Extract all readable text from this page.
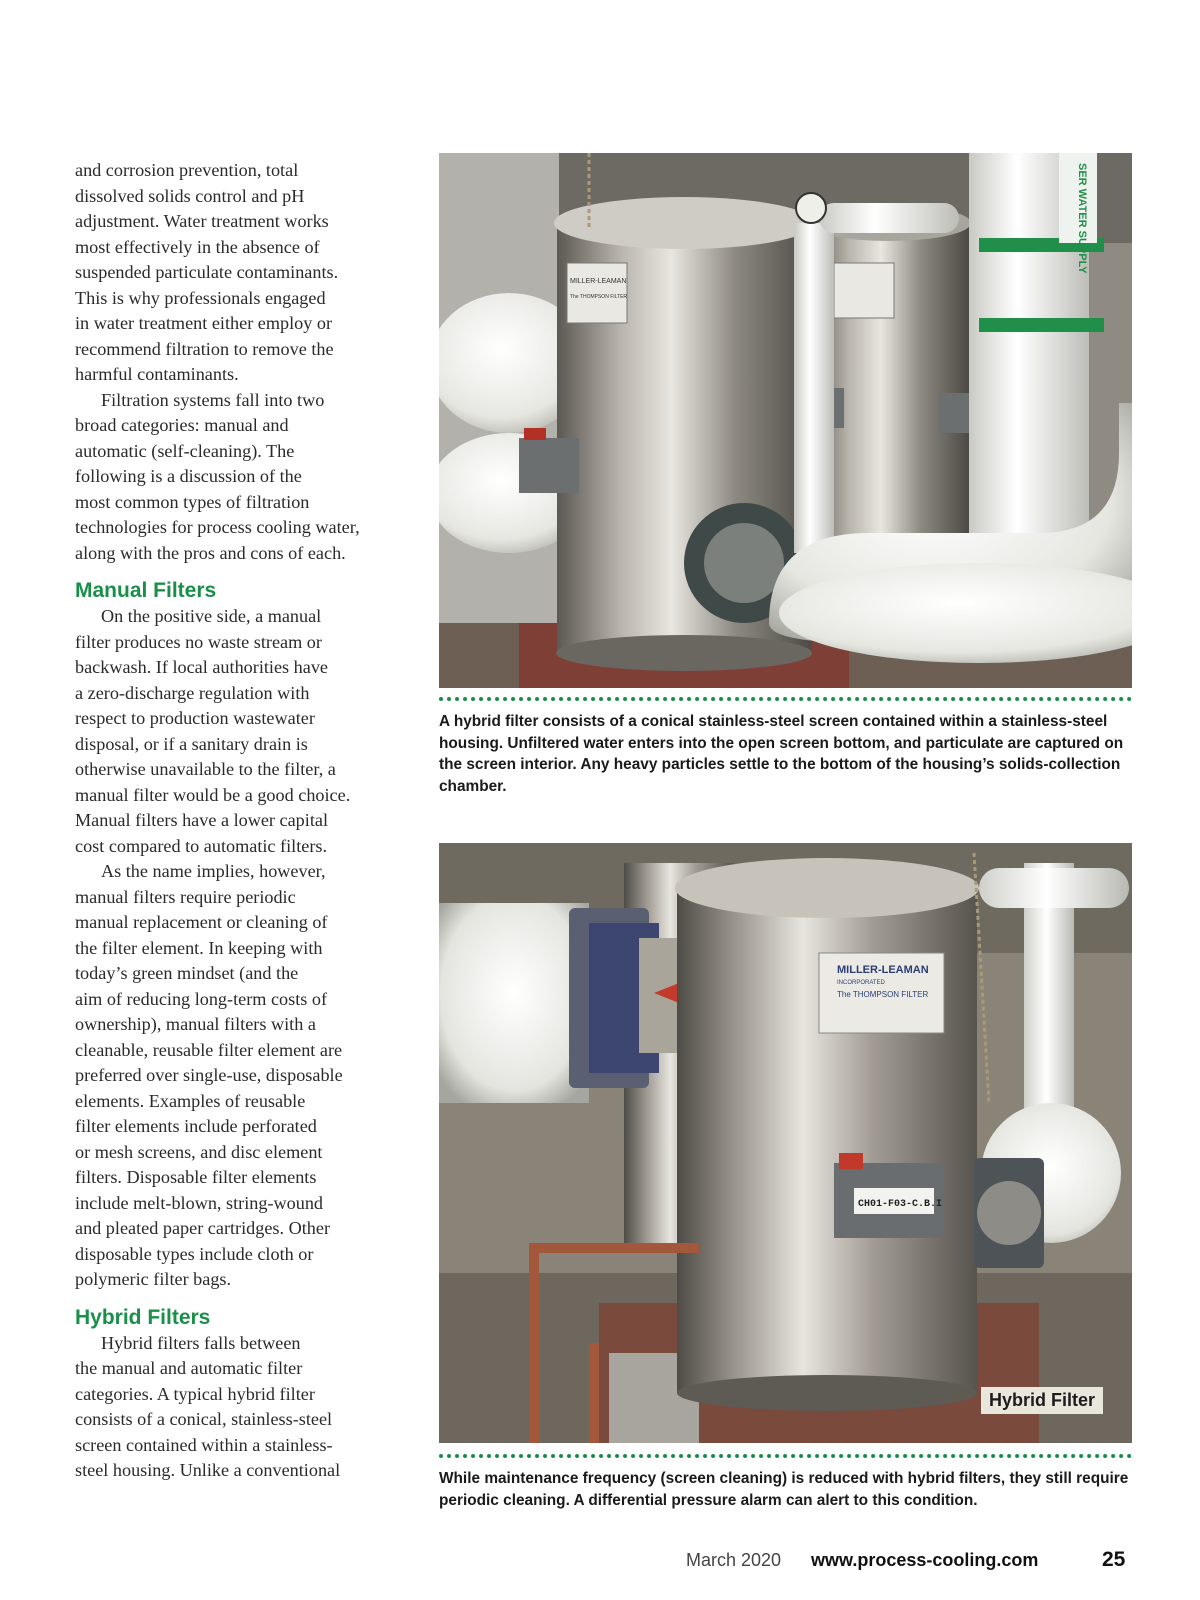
and corrosion prevention, total
dissolved solids control and pH
adjustment. Water treatment works
most effectively in the absence of
suspended particulate contaminants.
This is why professionals engaged
in water treatment either employ or
recommend filtration to remove the
harmful contaminants.

Filtration systems fall into two
broad categories: manual and
automatic (self-cleaning). The
following is a discussion of the
most common types of filtration
technologies for process cooling water,
along with the pros and cons of each.

Manual Filters

On the positive side, a manual
filter produces no waste stream or
backwash. If local authorities have
a zero-discharge regulation with
respect to production wastewater
disposal, or if a sanitary drain is
otherwise unavailable to the filter, a
manual filter would be a good choice.
Manual filters have a lower capital
cost compared to automatic filters.

As the name implies, however,
manual filters require periodic
manual replacement or cleaning of
the filter element. In keeping with
today’s green mindset (and the
aim of reducing long-term costs of
ownership), manual filters with a
cleanable, reusable filter element are
preferred over single-use, disposable
elements. Examples of reusable
filter elements include perforated
or mesh screens, and disc element
filters. Disposable filter elements
include melt-blown, string-wound
and pleated paper cartridges. Other
disposable types include cloth or
polymeric filter bags.

Hybrid Filters

Hybrid filters falls between
the manual and automatic filter
categories. A typical hybrid filter
consists of a conical, stainless-steel
screen contained within a stainless-
steel housing. Unlike a conventional

SER WATER SUPPLY
MILLER-LEAMAN
The THOMPSON FILTER
A hybrid filter consists of a conical stainless-steel screen contained within a stainless-steel housing. Unfiltered water enters into the open screen bottom, and particulate are captured on the screen interior. Any heavy particles settle to the bottom of the housing’s solids-collection chamber.
MILLER-LEAMAN
INCORPORATED
The THOMPSON FILTER
CH01-F03-C.B.I
Hybrid Filter
While maintenance frequency (screen cleaning) is reduced with hybrid filters, they still require periodic cleaning. A differential pressure alarm can alert to this condition.
March 2020 www.process-cooling.com	25
